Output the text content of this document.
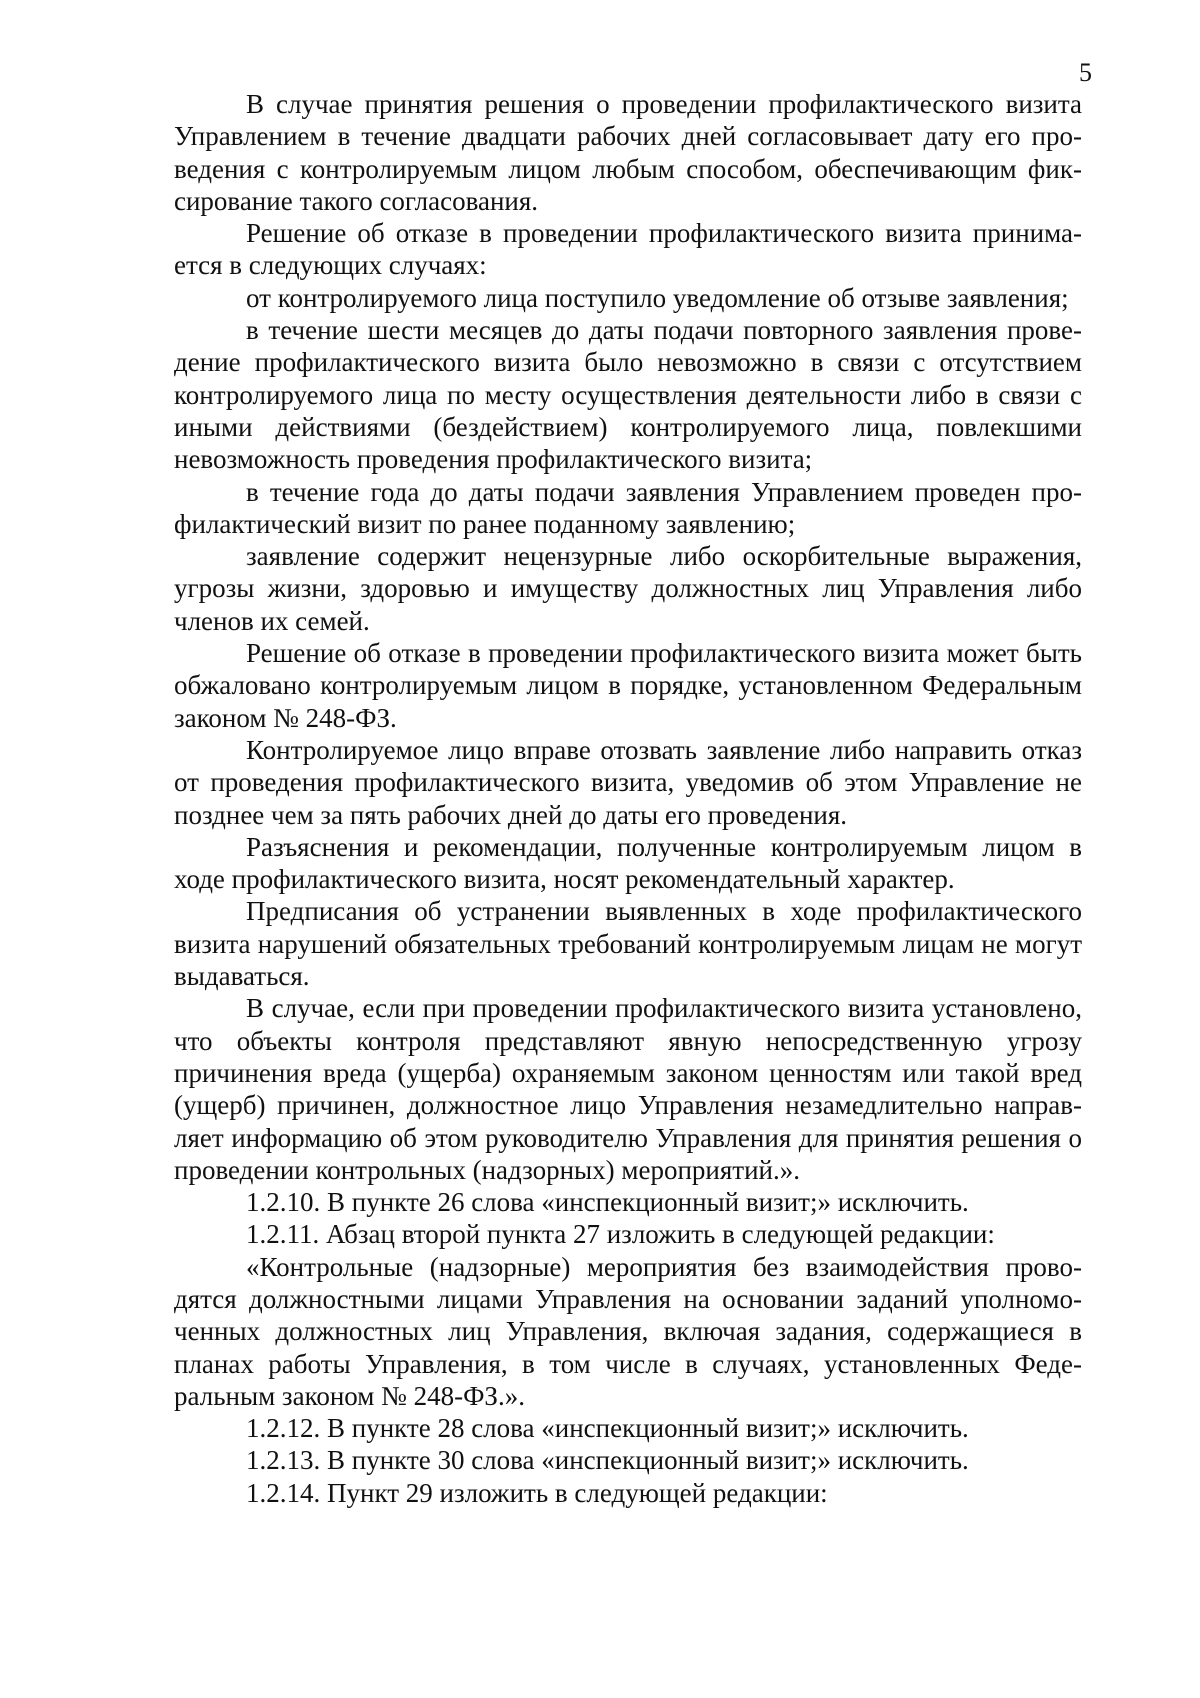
5

В случае принятия решения о проведении профилактического визита Управлением в течение двадцати рабочих дней согласовывает дату его проведения с контролируемым лицом любым способом, обеспечивающим фиксирование такого согласования.

Решение об отказе в проведении профилактического визита принимается в следующих случаях:

от контролируемого лица поступило уведомление об отзыве заявления;

в течение шести месяцев до даты подачи повторного заявления проведение профилактического визита было невозможно в связи с отсутствием контролируемого лица по месту осуществления деятельности либо в связи с иными действиями (бездействием) контролируемого лица, повлекшими невозможность проведения профилактического визита;

в течение года до даты подачи заявления Управлением проведен профилактический визит по ранее поданному заявлению;

заявление содержит нецензурные либо оскорбительные выражения, угрозы жизни, здоровью и имуществу должностных лиц Управления либо членов их семей.

Решение об отказе в проведении профилактического визита может быть обжаловано контролируемым лицом в порядке, установленном Федеральным законом № 248-ФЗ.

Контролируемое лицо вправе отозвать заявление либо направить отказ от проведения профилактического визита, уведомив об этом Управление не позднее чем за пять рабочих дней до даты его проведения.

Разъяснения и рекомендации, полученные контролируемым лицом в ходе профилактического визита, носят рекомендательный характер.

Предписания об устранении выявленных в ходе профилактического визита нарушений обязательных требований контролируемым лицам не могут выдаваться.

В случае, если при проведении профилактического визита установлено, что объекты контроля представляют явную непосредственную угрозу причинения вреда (ущерба) охраняемым законом ценностям или такой вред (ущерб) причинен, должностное лицо Управления незамедлительно направляет информацию об этом руководителю Управления для принятия решения о проведении контрольных (надзорных) мероприятий.».

1.2.10. В пункте 26 слова «инспекционный визит;» исключить.

1.2.11. Абзац второй пункта 27 изложить в следующей редакции:

«Контрольные (надзорные) мероприятия без взаимодействия проводятся должностными лицами Управления на основании заданий уполномоченных должностных лиц Управления, включая задания, содержащиеся в планах работы Управления, в том числе в случаях, установленных Федеральным законом № 248-ФЗ.».

1.2.12. В пункте 28 слова «инспекционный визит;» исключить.

1.2.13. В пункте 30 слова «инспекционный визит;» исключить.

1.2.14. Пункт 29 изложить в следующей редакции:
